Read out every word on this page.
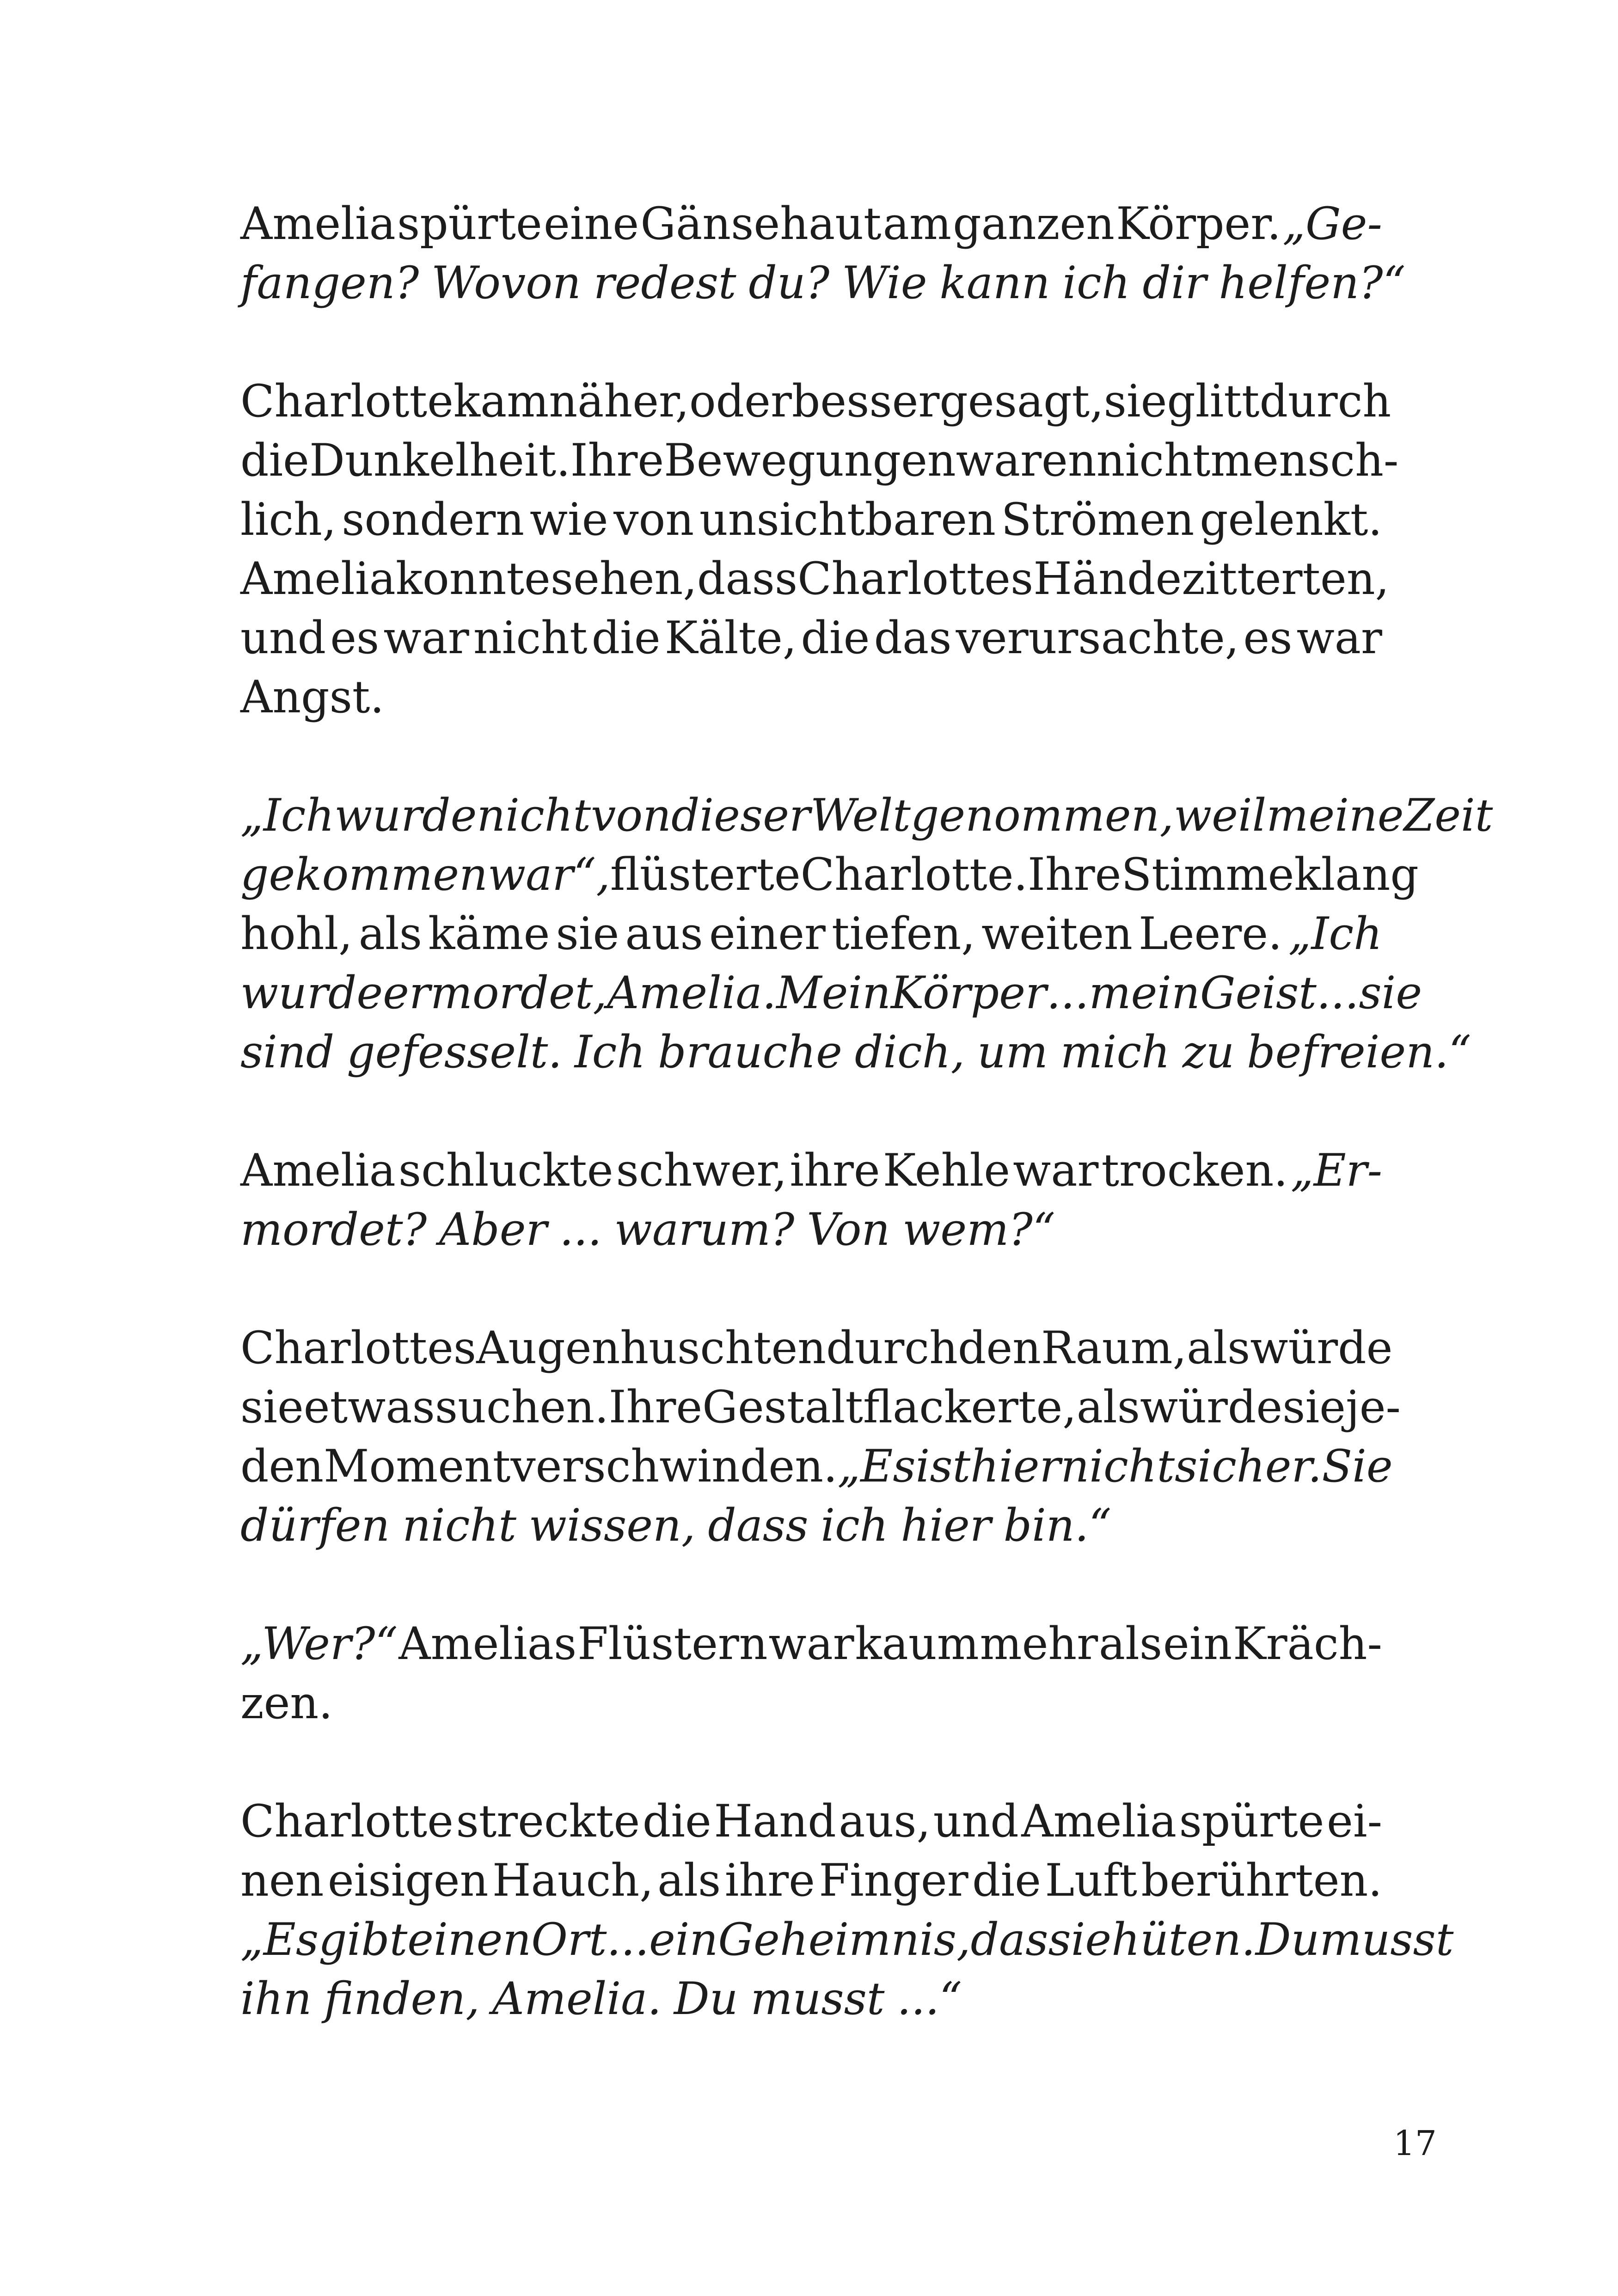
Amelia spürte eine Gänsehaut am ganzen Körper. „Ge-
fangen? Wovon redest du? Wie kann ich dir helfen?“
Charlotte kam näher, oder besser gesagt, sie glitt durch
die Dunkelheit. Ihre Bewegungen waren nicht mensch-
lich, sondern wie von unsichtbaren Strömen gelenkt.
Amelia konnte sehen, dass Charlottes Hände zitterten,
und es war nicht die Kälte, die das verursachte, es war
Angst.
„Ich wurde nicht von dieser Welt genommen, weil meine Zeit
gekommen war“, flüsterte Charlotte. Ihre Stimme klang
hohl, als käme sie aus einer tiefen, weiten Leere. „Ich
wurde ermordet, Amelia. Mein Körper ... mein Geist ... sie
sind gefesselt. Ich brauche dich, um mich zu befreien.“
Amelia schluckte schwer, ihre Kehle war trocken. „Er-
mordet? Aber ... warum? Von wem?“
Charlottes Augen huschten durch den Raum, als würde
sie etwas suchen. Ihre Gestalt flackerte, als würde sie je-
den Moment verschwinden. „Es ist hier nicht sicher. Sie
dürfen nicht wissen, dass ich hier bin.“
„Wer?“ Amelias Flüstern war kaum mehr als ein Kräch-
zen.
Charlotte streckte die Hand aus, und Amelia spürte ei-
nen eisigen Hauch, als ihre Finger die Luft berührten.
„Es gibt einen Ort ... ein Geheimnis, das sie hüten. Du musst
ihn finden, Amelia. Du musst ...“
17
